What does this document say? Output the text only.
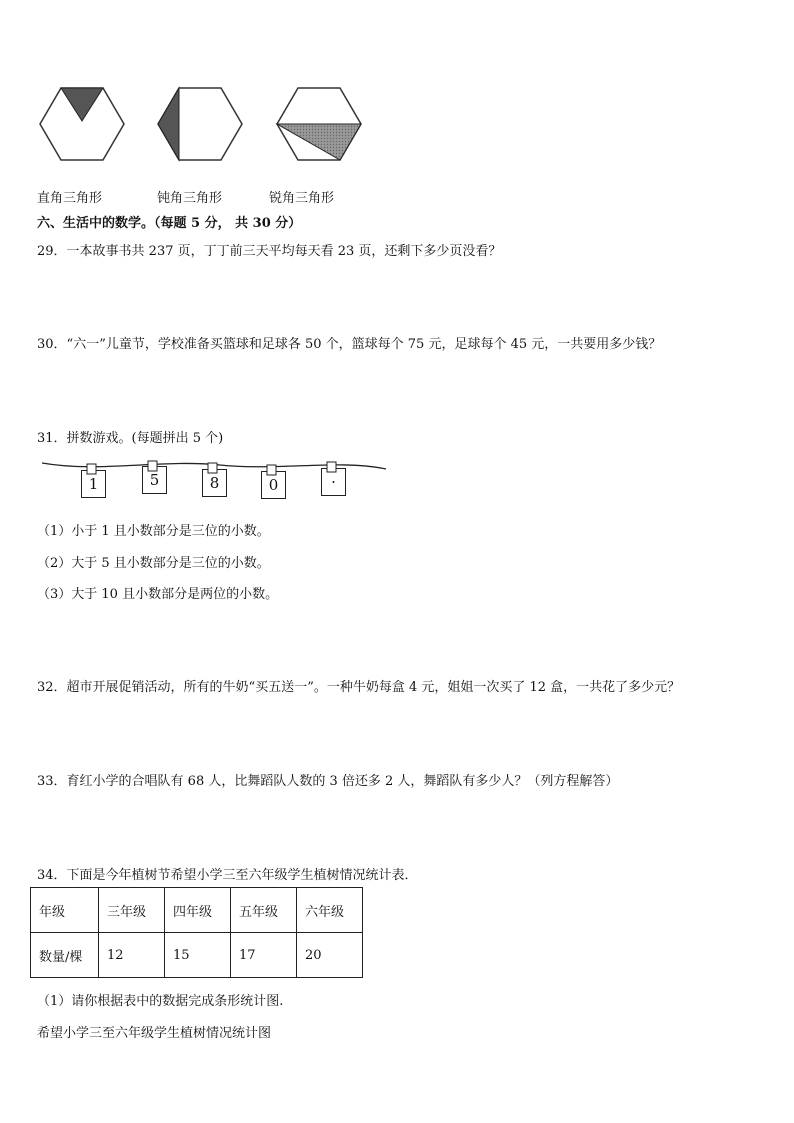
直角三角形	钝角三角形	锐角三角形
六、生活中的数学。（每题 5 分， 共 30 分）
29．一本故事书共 237 页，丁丁前三天平均每天看 23 页，还剩下多少页没看？
30．“六一”儿童节，学校准备买篮球和足球各 50 个，篮球每个 75 元，足球每个 45 元，一共要用多少钱？
31．拼数游戏。(每题拼出 5 个)
1	5	8	0	·
（1）小于 1 且小数部分是三位的小数。
（2）大于 5 且小数部分是三位的小数。
（3）大于 10 且小数部分是两位的小数。
32．超市开展促销活动，所有的牛奶“买五送一”。一种牛奶每盒 4 元，姐姐一次买了 12 盒，一共花了多少元？
33．育红小学的合唱队有 68 人，比舞蹈队人数的 3 倍还多 2 人，舞蹈队有多少人？（列方程解答）
34．下面是今年植树节希望小学三至六年级学生植树情况统计表．
年级	三年级	四年级	五年级	六年级
数量/棵	12	15	17	20
（1）请你根据表中的数据完成条形统计图.
希望小学三至六年级学生植树情况统计图
